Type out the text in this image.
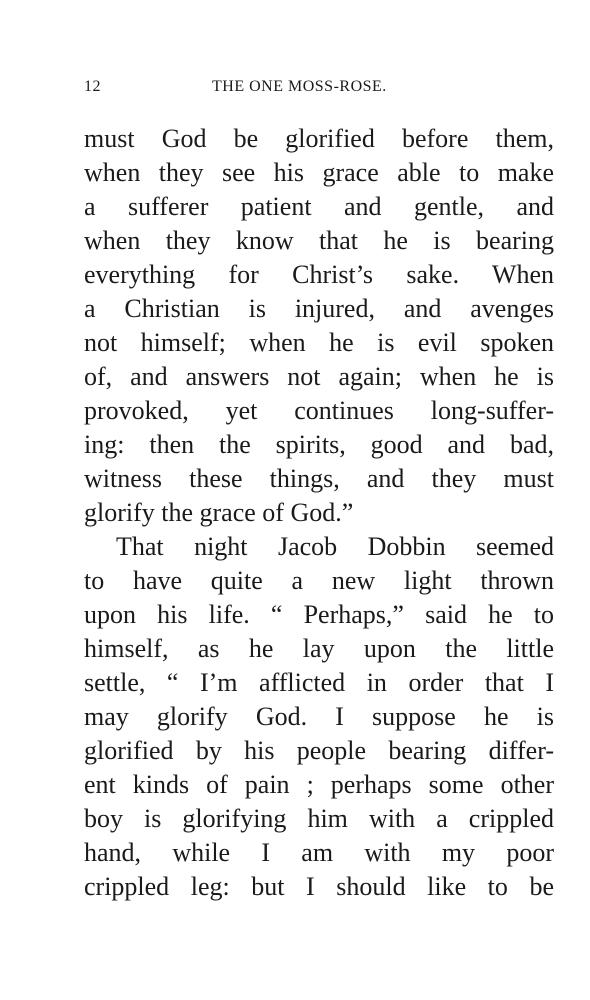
12	THE ONE MOSS-ROSE.
must God be glorified before them,
when they see his grace able to make
a sufferer patient and gentle, and
when they know that he is bearing
everything for Christ’s sake. When
a Christian is injured, and avenges
not himself; when he is evil spoken
of, and answers not again; when he is
provoked, yet continues long-suffer-
ing: then the spirits, good and bad,
witness these things, and they must
glorify the grace of God.”
That night Jacob Dobbin seemed
to have quite a new light thrown
upon his life. “ Perhaps,” said he to
himself, as he lay upon the little
settle, “ I’m afflicted in order that I
may glorify God. I suppose he is
glorified by his people bearing differ-
ent kinds of pain ; perhaps some other
boy is glorifying him with a crippled
hand, while I am with my poor
crippled leg: but I should like to be
